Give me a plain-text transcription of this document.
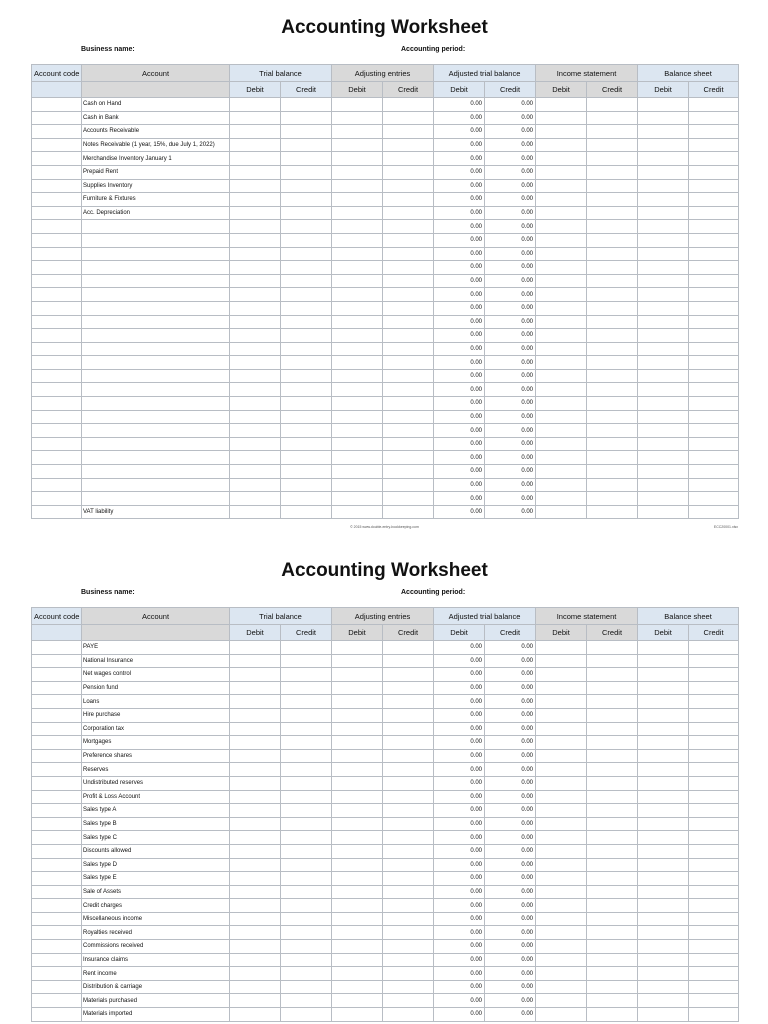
Accounting Worksheet
Business name:	Accounting period:
Account code	Account	Trial balance		Adjusting entries		Adjusted trial balance		Income statement		Balance sheet	
		Debit	Credit	Debit	Credit	Debit	Credit	Debit	Credit	Debit	Credit
	Cash on Hand					0.00	0.00				
	Cash in Bank					0.00	0.00				
	Accounts Receivable					0.00	0.00				
	Notes Receivable (1 year, 15%, due July 1, 2022)					0.00	0.00				
	Merchandise Inventory January 1					0.00	0.00				
	Prepaid Rent					0.00	0.00				
	Supplies Inventory					0.00	0.00				
	Furniture & Fixtures					0.00	0.00				
	Acc. Depreciation					0.00	0.00				
						0.00	0.00				
						0.00	0.00				
						0.00	0.00				
						0.00	0.00				
						0.00	0.00				
						0.00	0.00				
						0.00	0.00				
						0.00	0.00				
						0.00	0.00				
						0.00	0.00				
						0.00	0.00				
						0.00	0.00				
						0.00	0.00				
						0.00	0.00				
						0.00	0.00				
						0.00	0.00				
						0.00	0.00				
						0.00	0.00				
						0.00	0.00				
						0.00	0.00				
						0.00	0.00				
	VAT liability					0.00	0.00				
© 2015 www.double-entry-bookkeeping.com	ECC20001.xlsx
Accounting Worksheet
Business name:	Accounting period:
Account code	Account	Trial balance		Adjusting entries		Adjusted trial balance		Income statement		Balance sheet	
		Debit	Credit	Debit	Credit	Debit	Credit	Debit	Credit	Debit	Credit
	PAYE					0.00	0.00				
	National Insurance					0.00	0.00				
	Net wages control					0.00	0.00				
	Pension fund					0.00	0.00				
	Loans					0.00	0.00				
	Hire purchase					0.00	0.00				
	Corporation tax					0.00	0.00				
	Mortgages					0.00	0.00				
	Preference shares					0.00	0.00				
	Reserves					0.00	0.00				
	Undistributed reserves					0.00	0.00				
	Profit & Loss Account					0.00	0.00				
	Sales type A					0.00	0.00				
	Sales type B					0.00	0.00				
	Sales type C					0.00	0.00				
	Discounts allowed					0.00	0.00				
	Sales type D					0.00	0.00				
	Sales type E					0.00	0.00				
	Sale of Assets					0.00	0.00				
	Credit charges					0.00	0.00				
	Miscellaneous income					0.00	0.00				
	Royalties received					0.00	0.00				
	Commissions received					0.00	0.00				
	Insurance claims					0.00	0.00				
	Rent income					0.00	0.00				
	Distribution & carriage					0.00	0.00				
	Materials purchased					0.00	0.00				
	Materials imported					0.00	0.00				
